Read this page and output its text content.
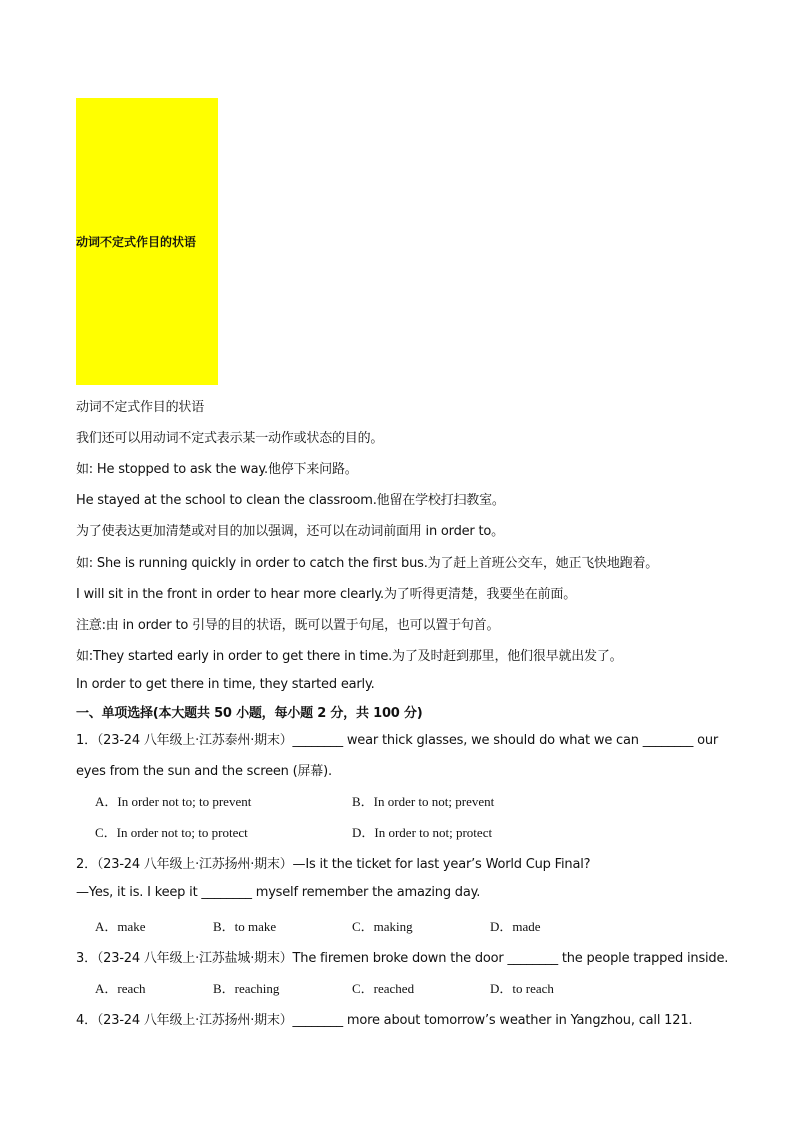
动词不定式作目的状语
动词不定式作目的状语
我们还可以用动词不定式表示某一动作或状态的目的。
如: He stopped to ask the way.他停下来问路。
He stayed at the school to clean the classroom.他留在学校打扫教室。
为了使表达更加清楚或对目的加以强调，还可以在动词前面用 in order to。
如: She is running quickly in order to catch the first bus.为了赶上首班公交车，她正飞快地跑着。
I will sit in the front in order to hear more clearly.为了听得更清楚，我要坐在前面。
注意:由 in order to 引导的目的状语，既可以置于句尾，也可以置于句首。
如:They started early in order to get there in time.为了及时赶到那里，他们很早就出发了。
In order to get there in time, they started early.
一、单项选择(本大题共 50 小题，每小题 2 分，共 100 分)
1．（23-24 八年级上·江苏泰州·期末）________ wear thick glasses, we should do what we can ________ our
eyes from the sun and the screen (屏幕).
A．In order not to; to prevent	B．In order to not; prevent
C．In order not to; to protect	D．In order to not; protect
2．（23-24 八年级上·江苏扬州·期末）—Is it the ticket for last year’s World Cup Final?
—Yes, it is. I keep it ________ myself remember the amazing day.
A．make	B．to make	C．making	D．made
3．（23-24 八年级上·江苏盐城·期末）The firemen broke down the door ________ the people trapped inside.
A．reach	B．reaching	C．reached	D．to reach
4．（23-24 八年级上·江苏扬州·期末）________ more about tomorrow’s weather in Yangzhou, call 121.
